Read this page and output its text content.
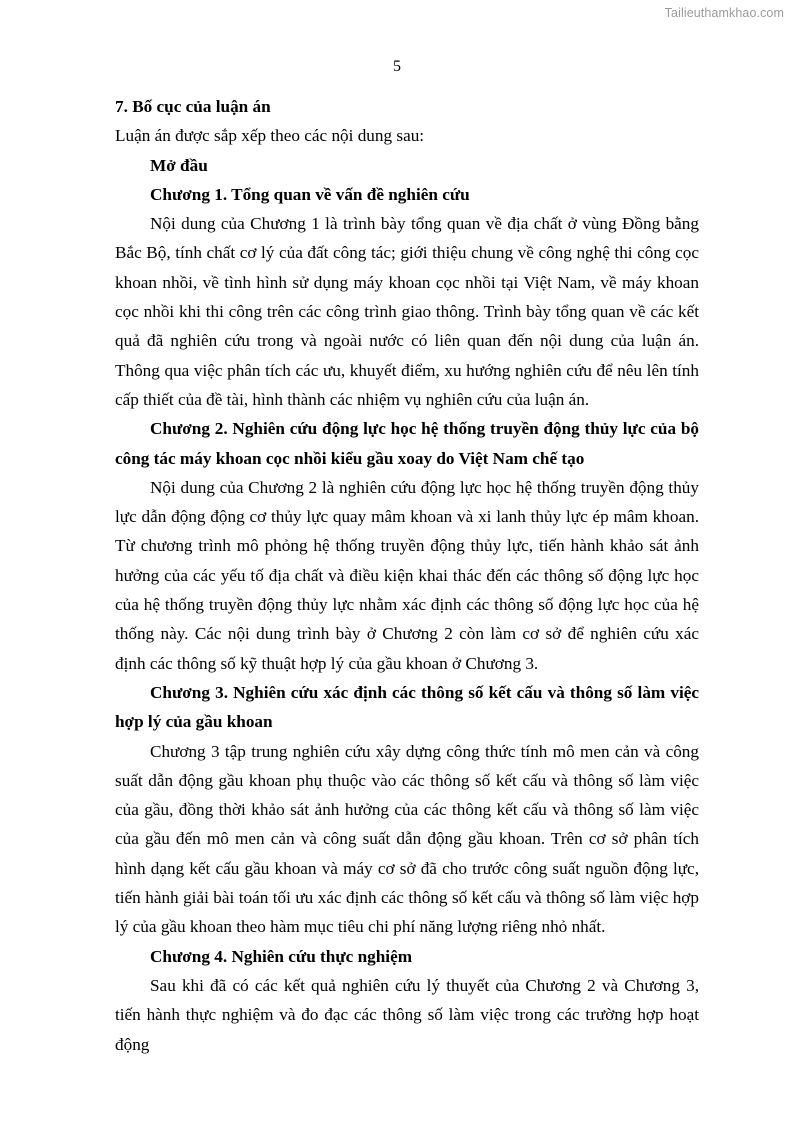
Tailieuthamkhao.com
5

7. Bố cục của luận án

Luận án được sắp xếp theo các nội dung sau:

Mở đầu

Chương 1. Tổng quan về vấn đề nghiên cứu

Nội dung của Chương 1 là trình bày tổng quan về địa chất ở vùng Đồng bằng Bắc Bộ, tính chất cơ lý của đất công tác; giới thiệu chung về công nghệ thi công cọc khoan nhồi, về tình hình sử dụng máy khoan cọc nhồi tại Việt Nam, về máy khoan cọc nhồi khi thi công trên các công trình giao thông. Trình bày tổng quan về các kết quả đã nghiên cứu trong và ngoài nước có liên quan đến nội dung của luận án. Thông qua việc phân tích các ưu, khuyết điểm, xu hướng nghiên cứu để nêu lên tính cấp thiết của đề tài, hình thành các nhiệm vụ nghiên cứu của luận án.

Chương 2. Nghiên cứu động lực học hệ thống truyền động thủy lực của bộ công tác máy khoan cọc nhồi kiểu gầu xoay do Việt Nam chế tạo

Nội dung của Chương 2 là nghiên cứu động lực học hệ thống truyền động thủy lực dẫn động động cơ thủy lực quay mâm khoan và xi lanh thủy lực ép mâm khoan. Từ chương trình mô phỏng hệ thống truyền động thủy lực, tiến hành khảo sát ảnh hưởng của các yếu tố địa chất và điều kiện khai thác đến các thông số động lực học của hệ thống truyền động thủy lực nhằm xác định các thông số động lực học của hệ thống này. Các nội dung trình bày ở Chương 2 còn làm cơ sở để nghiên cứu xác định các thông số kỹ thuật hợp lý của gầu khoan ở Chương 3.

Chương 3. Nghiên cứu xác định các thông số kết cấu và thông số làm việc hợp lý của gầu khoan

Chương 3 tập trung nghiên cứu xây dựng công thức tính mô men cản và công suất dẫn động gầu khoan phụ thuộc vào các thông số kết cấu và thông số làm việc của gầu, đồng thời khảo sát ảnh hưởng của các thông kết cấu và thông số làm việc của gầu đến mô men cản và công suất dẫn động gầu khoan. Trên cơ sở phân tích hình dạng kết cấu gầu khoan và máy cơ sở đã cho trước công suất nguồn động lực, tiến hành giải bài toán tối ưu xác định các thông số kết cấu và thông số làm việc hợp lý của gầu khoan theo hàm mục tiêu chi phí năng lượng riêng nhỏ nhất.

Chương 4. Nghiên cứu thực nghiệm

Sau khi đã có các kết quả nghiên cứu lý thuyết của Chương 2 và Chương 3, tiến hành thực nghiệm và đo đạc các thông số làm việc trong các trường hợp hoạt động
